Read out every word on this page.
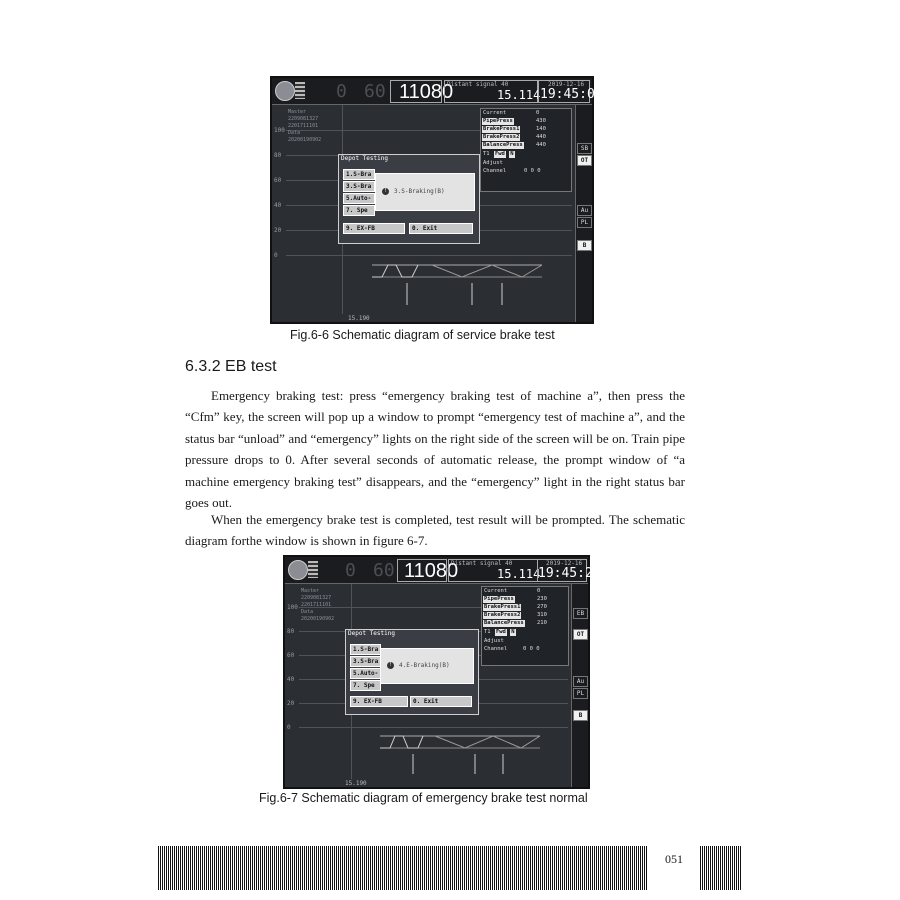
0 60 11080
Distant signal 40
15.114
2019-12-16
19:45:06
100
80
60
40
20
0
Master
2209081327
2201711101
Data
20200190902
15.190
Current	0
PipePress	430
BrakePress1	140
BrakePress2	440
BalancePress 440
T1 Fwd N
Adjust
Channel	0 0 0
SB
OT
Au
PL
B
Depot Testing
1.S-Bra
3.S-Bra
5.Auto-
7. Spe
9. EX-FB	0. Exit
!	3.S-Braking(B)
Fig.6-6 Schematic diagram of service brake test
6.3.2 EB test
Emergency braking test: press “emergency braking test of machine a”, then press the “Cfm” key, the screen will pop up a window to prompt “emergency test of machine a”, and the status bar “unload” and “emergency” lights on the right side of the screen will be on. Train pipe pressure drops to 0. After several seconds of automatic release, the prompt window of “a machine emergency braking test” disappears, and the “emergency” light in the right status bar goes out.
When the emergency brake test is completed, test result will be prompted. The schematic diagram forthe window is shown in figure 6-7.
0 60 11080
Distant signal 40
15.114
2019-12-16
19:45:23
100
80
60
40
20
0
Master
2209081327
2201711101
Data
20200190902
15.190
Current	0
PipePress	230
BrakePress1	270
BrakePress2	310
BalancePress 210
T1 Fwd N
Adjust
Channel	0 0 0
EB
OT
Au
PL
B
Depot Testing
1.S-Bra
3.S-Bra
5.Auto-
7. Spe
9. EX-FB	0. Exit
!	4.E-Braking(B)
Fig.6-7 Schematic diagram of emergency brake test normal
051
